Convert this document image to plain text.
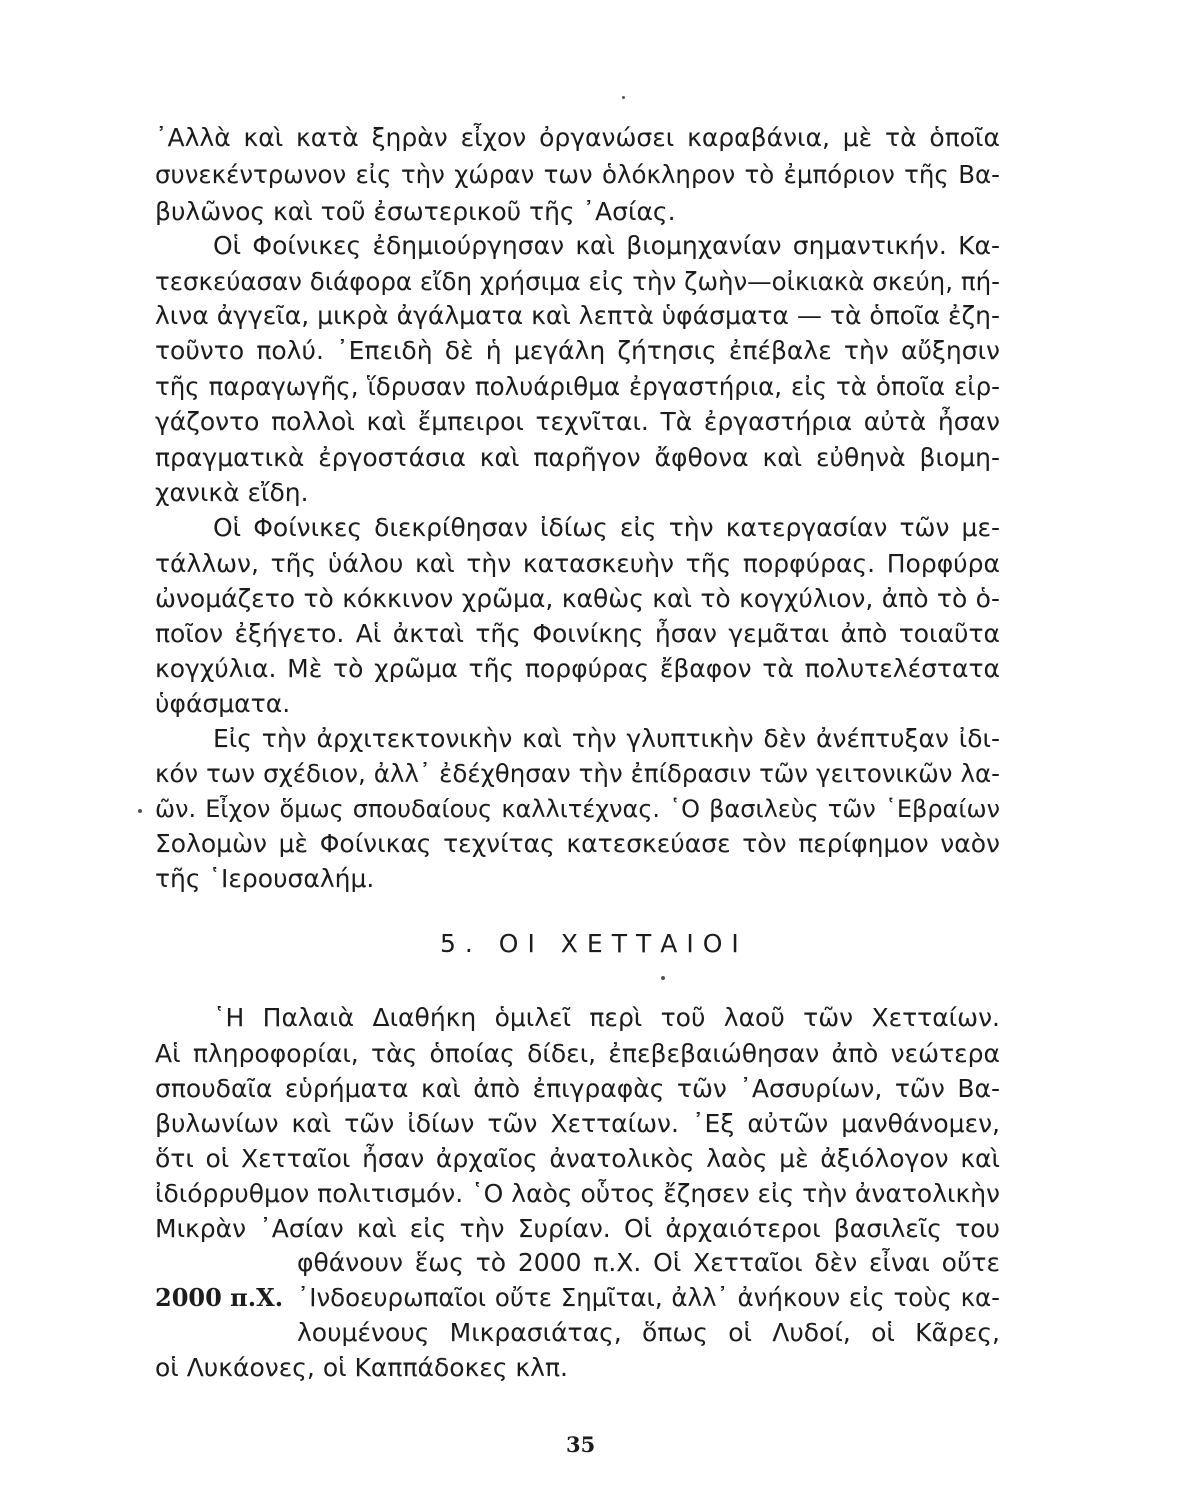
᾿Αλλὰ καὶ κατὰ ξηρὰν εἶχον ὀργανώσει καραβάνια, μὲ τὰ ὁποῖα
συνεκέντρωνον εἰς τὴν χώραν των ὁλόκληρον τὸ ἐμπόριον τῆς Βα-
βυλῶνος καὶ τοῦ ἐσωτερικοῦ τῆς ᾿Ασίας.
Οἱ Φοίνικες ἐδημιούργησαν καὶ βιομηχανίαν σημαντικήν. Κα-
τεσκεύασαν διάφορα εἴδη χρήσιμα εἰς τὴν ζωὴν—οἰκιακὰ σκεύη, πή-
λινα ἀγγεῖα, μικρὰ ἀγάλματα καὶ λεπτὰ ὑφάσματα — τὰ ὁποῖα ἐζη-
τοῦντο πολύ. ᾿Επειδὴ δὲ ἡ μεγάλη ζήτησις ἐπέβαλε τὴν αὔξησιν
τῆς παραγωγῆς, ἵδρυσαν πολυάριθμα ἐργαστήρια, εἰς τὰ ὁποῖα εἰρ-
γάζοντο πολλοὶ καὶ ἔμπειροι τεχνῖται. Τὰ ἐργαστήρια αὐτὰ ἦσαν
πραγματικὰ ἐργοστάσια καὶ παρῆγον ἄφθονα καὶ εὐθηνὰ βιομη-
χανικὰ εἴδη.
Οἱ Φοίνικες διεκρίθησαν ἰδίως εἰς τὴν κατεργασίαν τῶν με-
τάλλων, τῆς ὑάλου καὶ τὴν κατασκευὴν τῆς πορφύρας. Πορφύρα
ὠνομάζετο τὸ κόκκινον χρῶμα, καθὼς καὶ τὸ κογχύλιον, ἀπὸ τὸ ὁ-
ποῖον ἐξήγετο. Αἱ ἀκταὶ τῆς Φοινίκης ἦσαν γεμᾶται ἀπὸ τοιαῦτα
κογχύλια. Μὲ τὸ χρῶμα τῆς πορφύρας ἔβαφον τὰ πολυτελέστατα
ὑφάσματα.
Εἰς τὴν ἀρχιτεκτονικὴν καὶ τὴν γλυπτικὴν δὲν ἀνέπτυξαν ἰδι-
κόν των σχέδιον, ἀλλ᾿ ἐδέχθησαν τὴν ἐπίδρασιν τῶν γειτονικῶν λα-
ῶν. Εἶχον ὅμως σπουδαίους καλλιτέχνας. ῾Ο βασιλεὺς τῶν ῾Εβραίων
Σολομὼν μὲ Φοίνικας τεχνίτας κατεσκεύασε τὸν περίφημον ναὸν
τῆς ῾Ιερουσαλήμ.
5. ΟΙ ΧΕΤΤΑΙΟΙ
῾Η Παλαιὰ Διαθήκη ὁμιλεῖ περὶ τοῦ λαοῦ τῶν Χετταίων.
Αἱ πληροφορίαι, τὰς ὁποίας δίδει, ἐπεβεβαιώθησαν ἀπὸ νεώτερα
σπουδαῖα εὑρήματα καὶ ἀπὸ ἐπιγραφὰς τῶν ᾿Ασσυρίων, τῶν Βα-
βυλωνίων καὶ τῶν ἰδίων τῶν Χετταίων. ᾿Εξ αὐτῶν μανθάνομεν,
ὅτι οἱ Χετταῖοι ἦσαν ἀρχαῖος ἀνατολικὸς λαὸς μὲ ἀξιόλογον καὶ
ἰδιόρρυθμον πολιτισμόν. ῾Ο λαὸς οὗτος ἔζησεν εἰς τὴν ἀνατολικὴν
Μικρὰν ᾿Ασίαν καὶ εἰς τὴν Συρίαν. Οἱ ἀρχαιότεροι βασιλεῖς του
φθάνουν ἕως τὸ 2000 π.Χ. Οἱ Χετταῖοι δὲν εἶναι οὔτε
᾿Ινδοευρωπαῖοι οὔτε Σημῖται, ἀλλ᾿ ἀνήκουν εἰς τοὺς κα-
λουμένους Μικρασιάτας, ὅπως οἱ Λυδοί, οἱ Κᾶρες,
οἱ Λυκάονες, οἱ Καππάδοκες κλπ.
2000 π.Χ.
35
